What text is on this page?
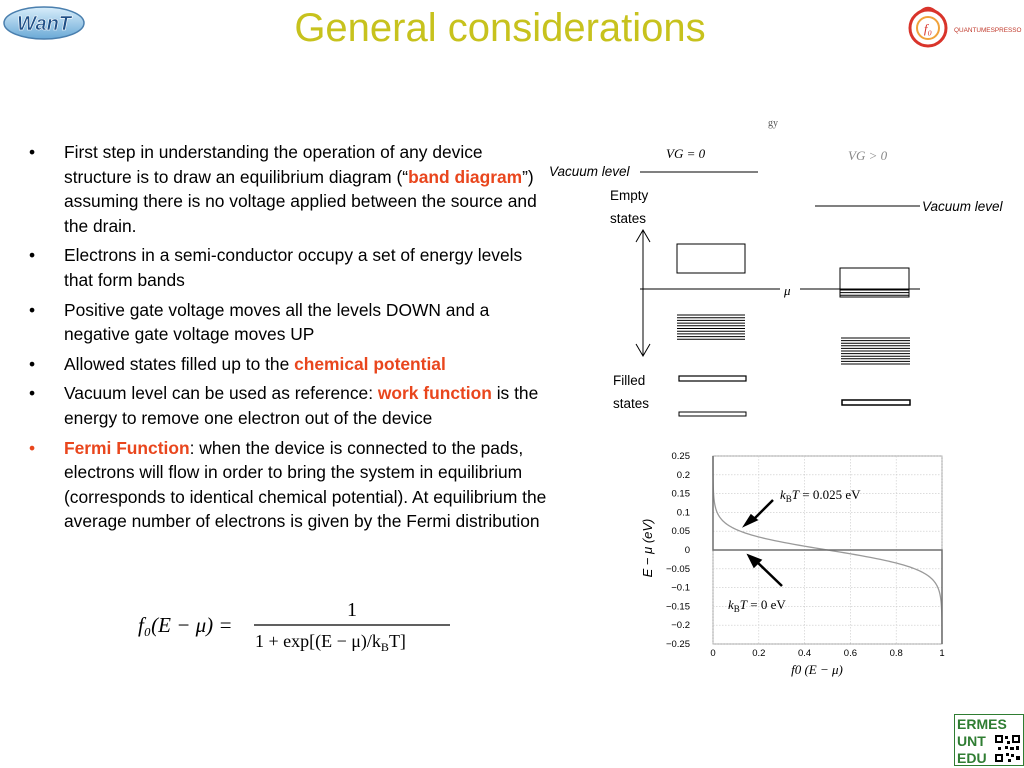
General considerations
WanT	f₀	QUANTUMESPRESSO
• First step in understanding the operation of any device structure is to draw an equilibrium diagram (“band diagram”) assuming there is no voltage applied between the source and the drain.
• Electrons in a semi-conductor occupy a set of energy levels that form bands
• Positive gate voltage moves all the levels DOWN and a negative gate voltage moves UP
• Allowed states filled up to the chemical potential
• Vacuum level can be used as reference: work function is the energy to remove one electron out of the device
• Fermi Function: when the device is connected to the pads, electrons will flow in order to bring the system in equilibrium (corresponds to identical chemical potential). At equilibrium the average number of electrons is given by the Fermi distribution
f₀(E − μ) =
1
$1 + \exp[(E - \mu)/k_BT]$
gy
VG = 0	VG > 0
Vacuum level
Vacuum level
Empty
states
μ
Filled
states
0.25
0.2
0.15
0.1
0.05
0
−0.05
−0.1
−0.15
−0.2
−0.25
0	0.2	0.4	0.6	0.8	1
E − μ (eV)
f0 (E − μ)
$k_BT = 0.025$ eV
$k_BT = 0$ eV
ERMES
UNT
EDU
